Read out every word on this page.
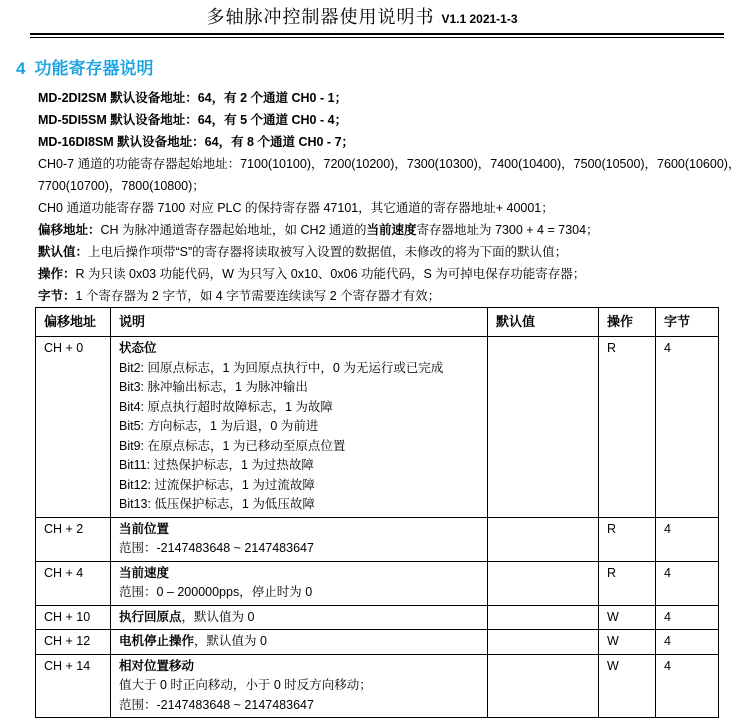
多轴脉冲控制器使用说明书 V1.1 2021-1-3
4 功能寄存器说明
MD-2DI2SM 默认设备地址：64，有 2 个通道 CH0 - 1；
MD-5DI5SM 默认设备地址：64，有 5 个通道 CH0 - 4；
MD-16DI8SM 默认设备地址：64，有 8 个通道 CH0 - 7；
CH0-7 通道的功能寄存器起始地址：7100(10100)，7200(10200)，7300(10300)，7400(10400)，7500(10500)，7600(10600)，
7700(10700)，7800(10800)；
CH0 通道功能寄存器 7100 对应 PLC 的保持寄存器 47101，其它通道的寄存器地址+ 40001；
偏移地址：CH 为脉冲通道寄存器起始地址，如 CH2 通道的当前速度寄存器地址为 7300 + 4 = 7304；
默认值：上电后操作项带“S”的寄存器将读取被写入设置的数据值，未修改的将为下面的默认值；
操作：R 为只读 0x03 功能代码，W 为只写入 0x10、0x06 功能代码，S 为可掉电保存功能寄存器；
字节：1 个寄存器为 2 字节，如 4 字节需要连续读写 2 个寄存器才有效；
偏移地址	说明	默认值	操作	字节
CH + 0	状态位
Bit2: 回原点标志，1 为回原点执行中，0 为无运行或已完成
Bit3: 脉冲输出标志，1 为脉冲输出
Bit4: 原点执行超时故障标志，1 为故障
Bit5: 方向标志，1 为后退，0 为前进
Bit9: 在原点标志，1 为已移动至原点位置
Bit11: 过热保护标志，1 为过热故障
Bit12: 过流保护标志，1 为过流故障
Bit13: 低压保护标志，1 为低压故障
		R	4
CH + 2	当前位置
范围：-2147483648 ~ 2147483647		R	4
CH + 4	当前速度
范围：0 – 200000pps，停止时为 0		R	4
CH + 10	执行回原点，默认值为 0		W	4
CH + 12	电机停止操作，默认值为 0		W	4
CH + 14	相对位置移动
值大于 0 时正向移动，小于 0 时反方向移动；
范围：-2147483648 ~ 2147483647		W	4
